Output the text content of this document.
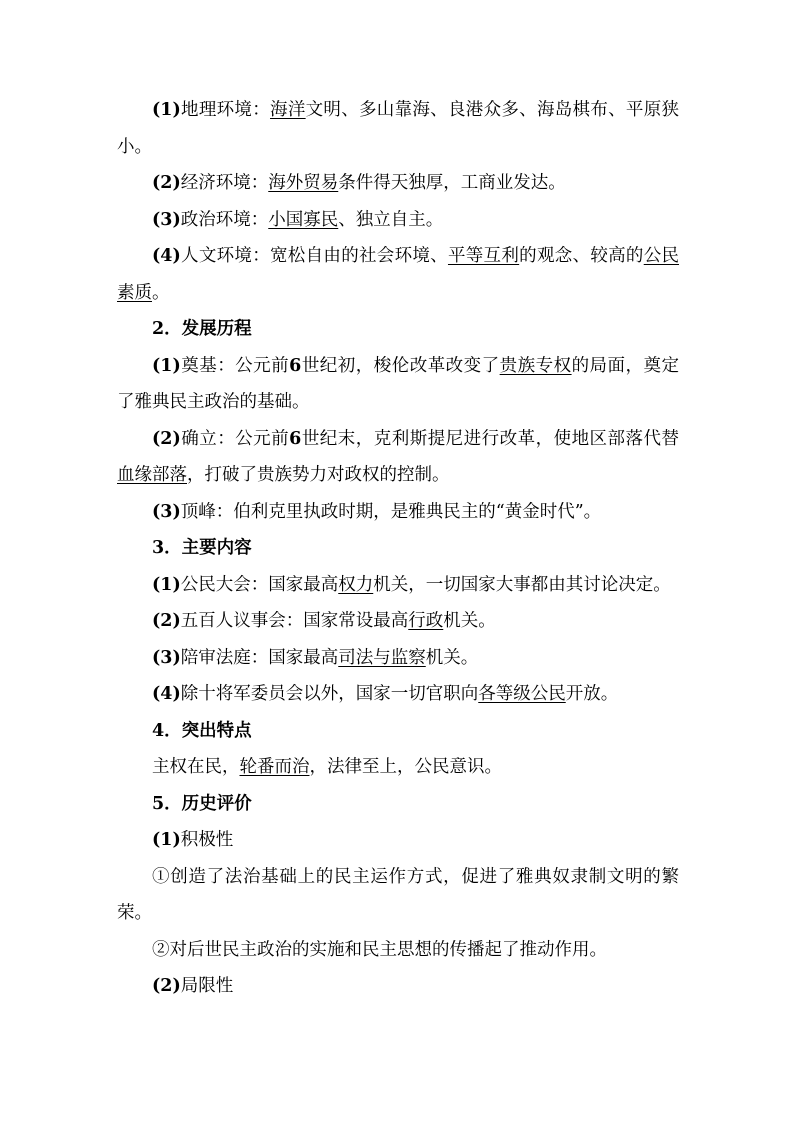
(1)地理环境：海洋文明、多山靠海、良港众多、海岛棋布、平原狭小。

(2)经济环境：海外贸易条件得天独厚，工商业发达。

(3)政治环境：小国寡民、独立自主。

(4)人文环境：宽松自由的社会环境、平等互利的观念、较高的公民素质。

2．发展历程

(1)奠基：公元前6世纪初，梭伦改革改变了贵族专权的局面，奠定了雅典民主政治的基础。

(2)确立：公元前6世纪末，克利斯提尼进行改革，使地区部落代替血缘部落，打破了贵族势力对政权的控制。

(3)顶峰：伯利克里执政时期，是雅典民主的“黄金时代”。

3．主要内容

(1)公民大会：国家最高权力机关，一切国家大事都由其讨论决定。

(2)五百人议事会：国家常设最高行政机关。

(3)陪审法庭：国家最高司法与监察机关。

(4)除十将军委员会以外，国家一切官职向各等级公民开放。

4．突出特点

主权在民，轮番而治，法律至上，公民意识。

5．历史评价

(1)积极性

①创造了法治基础上的民主运作方式，促进了雅典奴隶制文明的繁荣。

②对后世民主政治的实施和民主思想的传播起了推动作用。

(2)局限性
